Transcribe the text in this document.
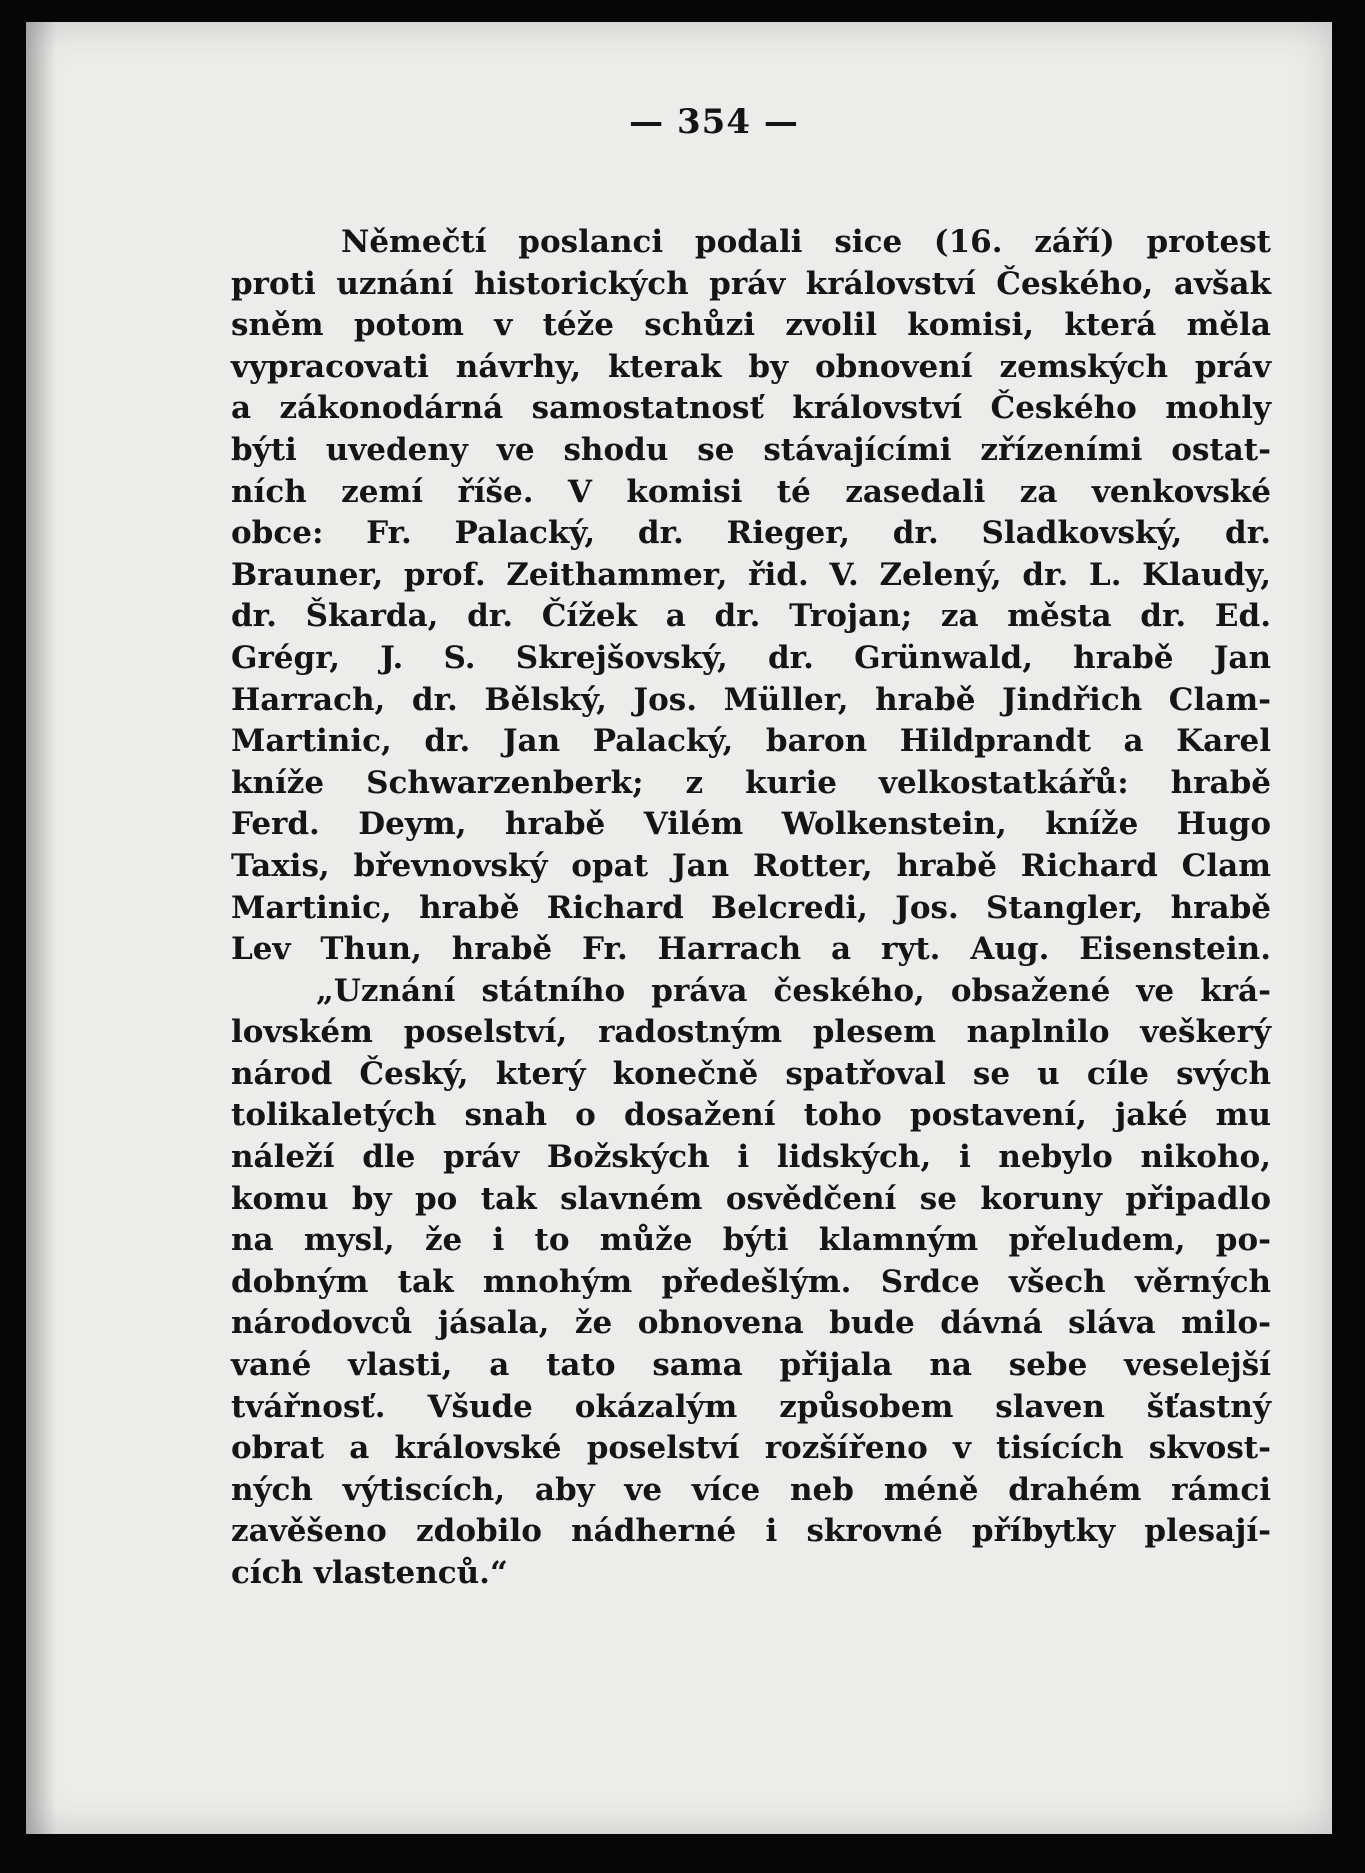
— 354 —
Němečtí poslanci podali sice (16. září) protest
proti uznání historických práv království Českého, avšak
sněm potom v téže schůzi zvolil komisi, která měla
vypracovati návrhy, kterak by obnovení zemských práv
a zákonodárná samostatnosť království Českého mohly
býti uvedeny ve shodu se stávajícími zřízeními ostat-
ních zemí říše. V komisi té zasedali za venkovské
obce: Fr. Palacký, dr. Rieger, dr. Sladkovský, dr.
Brauner, prof. Zeithammer, řid. V. Zelený, dr. L. Klaudy,
dr. Škarda, dr. Čížek a dr. Trojan; za města dr. Ed.
Grégr, J. S. Skrejšovský, dr. Grünwald, hrabě Jan
Harrach, dr. Bělský, Jos. Müller, hrabě Jindřich Clam-
Martinic, dr. Jan Palacký, baron Hildprandt a Karel
kníže Schwarzenberk; z kurie velkostatkářů: hrabě
Ferd. Deym, hrabě Vilém Wolkenstein, kníže Hugo
Taxis, břevnovský opat Jan Rotter, hrabě Richard Clam
Martinic, hrabě Richard Belcredi, Jos. Stangler, hrabě
Lev Thun, hrabě Fr. Harrach a ryt. Aug. Eisenstein.
„Uznání státního práva českého, obsažené ve krá-
lovském poselství, radostným plesem naplnilo veškerý
národ Český, který konečně spatřoval se u cíle svých
tolikaletých snah o dosažení toho postavení, jaké mu
náleží dle práv Božských i lidských, i nebylo nikoho,
komu by po tak slavném osvědčení se koruny připadlo
na mysl, že i to může býti klamným přeludem, po-
dobným tak mnohým předešlým. Srdce všech věrných
národovců jásala, že obnovena bude dávná sláva milo-
vané vlasti, a tato sama přijala na sebe veselejší
tvářnosť. Všude okázalým způsobem slaven šťastný
obrat a královské poselství rozšířeno v tisících skvost-
ných výtiscích, aby ve více neb méně drahém rámci
zavěšeno zdobilo nádherné i skrovné příbytky plesají-
cích vlastenců.“
